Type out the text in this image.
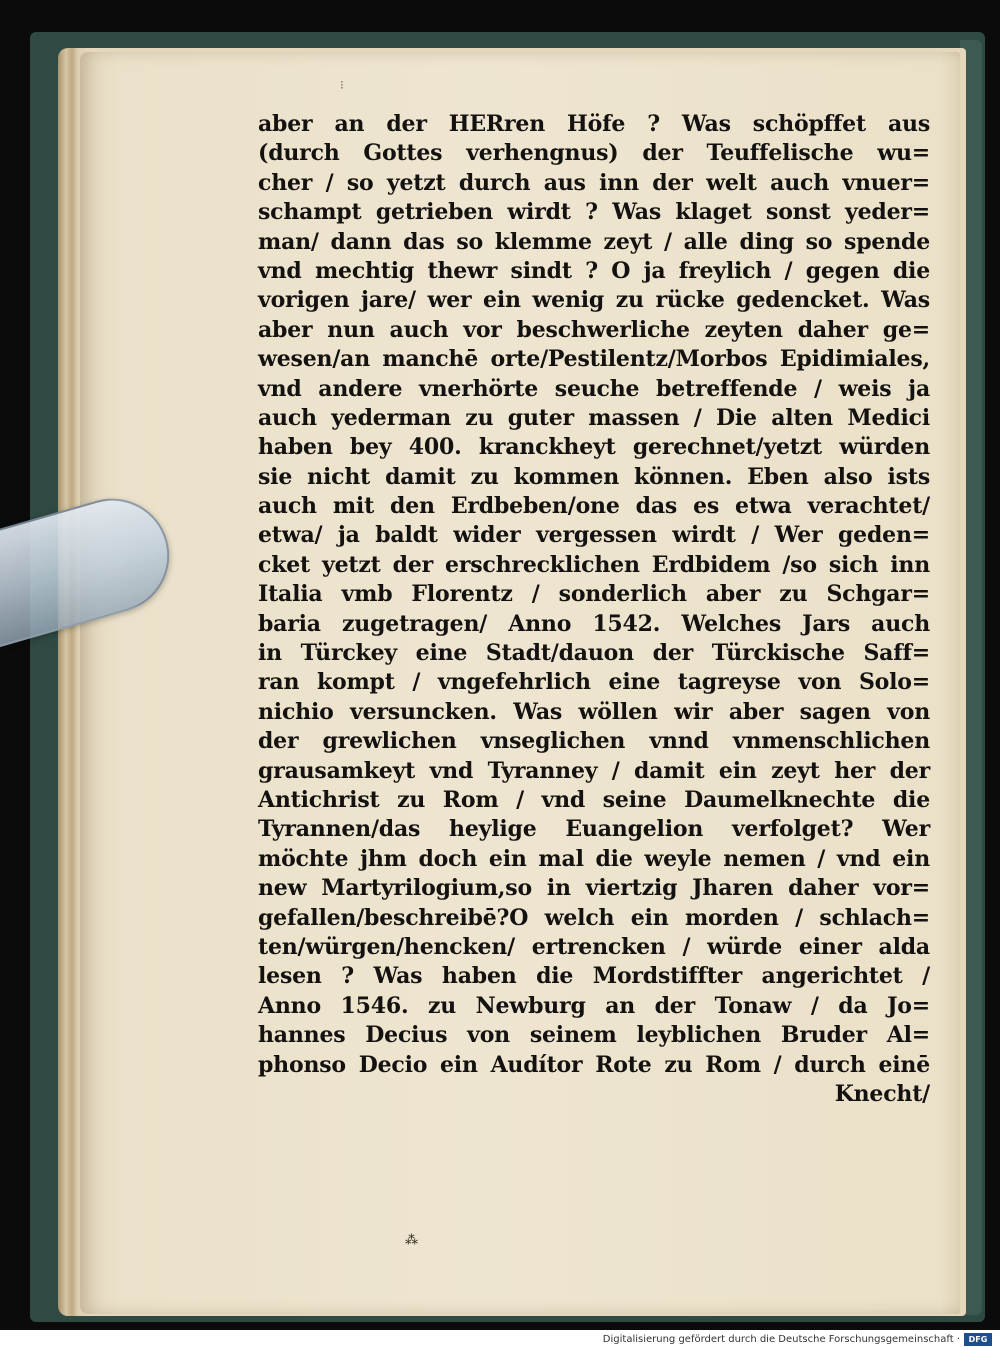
⁝
aber an der HERren Höfe ? Was schöpffet aus
(durch Gottes verhengnus) der Teuffelische wu=
cher / so yetzt durch aus inn der welt auch vnuer=
schampt getrieben wirdt ? Was klaget sonst yeder=
man/ dann das so klemme zeyt / alle ding so spende
vnd mechtig thewr sindt ? O ja freylich / gegen die
vorigen jare/ wer ein wenig zu rücke gedencket. Was
aber nun auch vor beschwerliche zeyten daher ge=
wesen/an manchē orte/Pestilentz/Morbos Epidimiales,
vnd andere vnerhörte seuche betreffende / weis ja
auch yederman zu guter massen / Die alten Medici
haben bey 400. kranckheyt gerechnet/yetzt würden
sie nicht damit zu kommen können. Eben also ists
auch mit den Erdbeben/one das es etwa verachtet/
etwa/ ja baldt wider vergessen wirdt / Wer geden=
cket yetzt der erschrecklichen Erdbidem /so sich inn
Italia vmb Florentz / sonderlich aber zu Schgar=
baria zugetragen/ Anno 1542. Welches Jars auch
in Türckey eine Stadt/dauon der Türckische Saff=
ran kompt / vngefehrlich eine tagreyse von Solo=
nichio versuncken. Was wöllen wir aber sagen von
der grewlichen vnseglichen vnnd vnmenschlichen
grausamkeyt vnd Tyranney / damit ein zeyt her der
Antichrist zu Rom / vnd seine Daumelknechte die
Tyrannen/das heylige Euangelion verfolget? Wer
möchte jhm doch ein mal die weyle nemen / vnd ein
new Martyrilogium,so in viertzig Jharen daher vor=
gefallen/beschreibē?O welch ein morden / schlach=
ten/würgen/hencken/ ertrencken / würde einer alda
lesen ? Was haben die Mordstiffter angerichtet /
Anno 1546. zu Newburg an der Tonaw / da Jo=
hannes Decius von seinem leyblichen Bruder Al=
phonso Decio ein Audítor Rote zu Rom / durch einē
Knecht/
⁂
Digitalisierung gefördert durch die Deutsche Forschungsgemeinschaft ·	DFG
